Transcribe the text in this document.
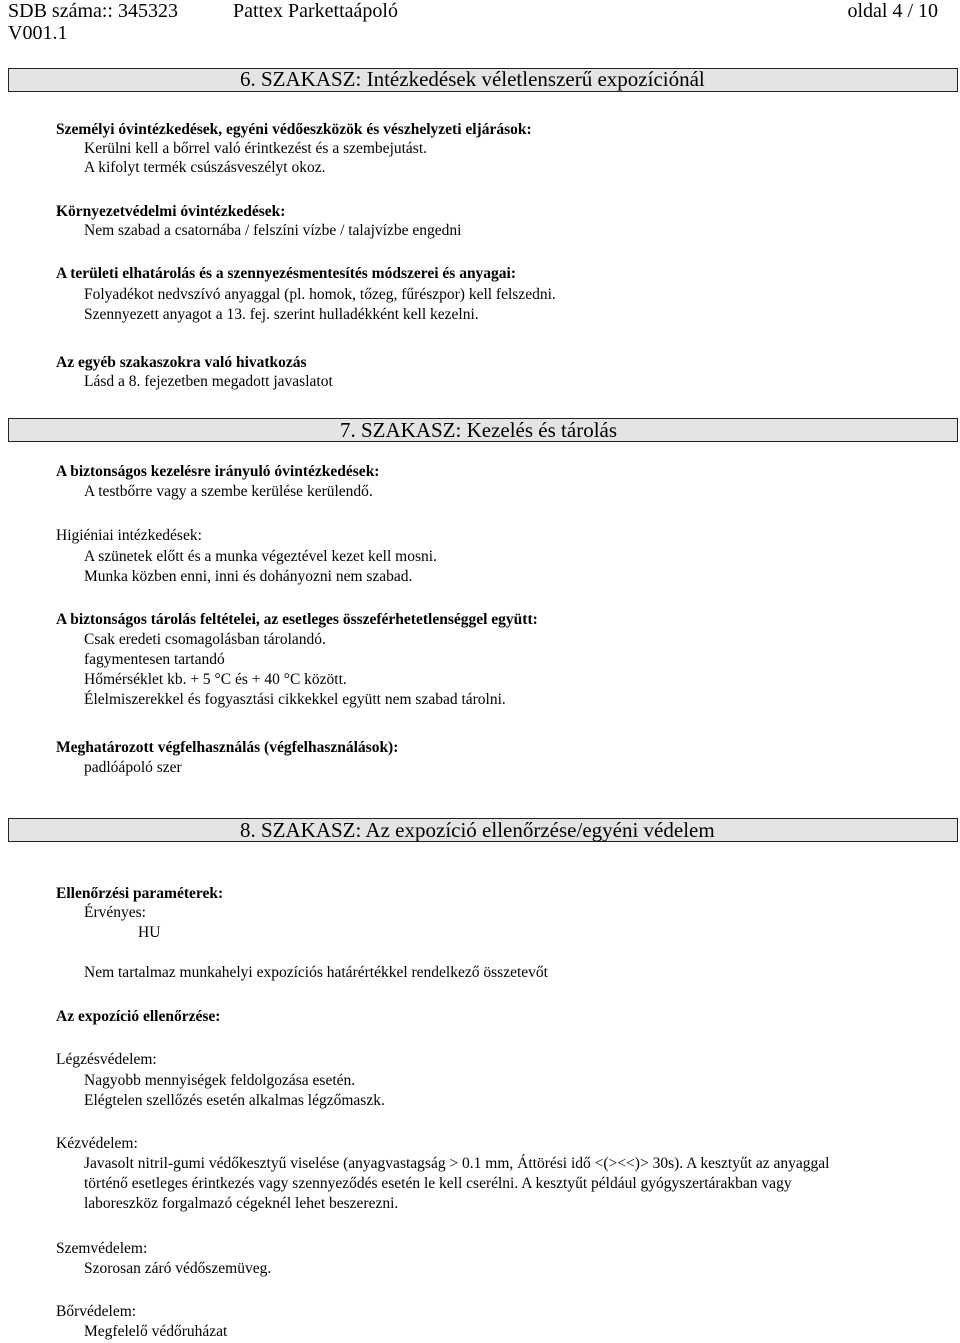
SDB száma:: 345323	Pattex Parkettaápoló	oldal 4 / 10
V001.1
6. SZAKASZ: Intézkedések véletlenszerű expozíciónál
Személyi óvintézkedések, egyéni védőeszközök és vészhelyzeti eljárások:
Kerülni kell a bőrrel való érintkezést és a szembejutást.
A kifolyt termék csúszásveszélyt okoz.
Környezetvédelmi óvintézkedések:
Nem szabad a csatornába / felszíni vízbe / talajvízbe engedni
A területi elhatárolás és a szennyezésmentesítés módszerei és anyagai:
Folyadékot nedvszívó anyaggal (pl. homok, tőzeg, fűrészpor) kell felszedni.
Szennyezett anyagot a 13. fej. szerint hulladékként kell kezelni.
Az egyéb szakaszokra való hivatkozás
Lásd a 8. fejezetben megadott javaslatot
7. SZAKASZ: Kezelés és tárolás
A biztonságos kezelésre irányuló óvintézkedések:
A testbőrre vagy a szembe kerülése kerülendő.
Higiéniai intézkedések:
A szünetek előtt és a munka végeztével kezet kell mosni.
Munka közben enni, inni és dohányozni nem szabad.
A biztonságos tárolás feltételei, az esetleges összeférhetetlenséggel együtt:
Csak eredeti csomagolásban tárolandó.
fagymentesen tartandó
Hőmérséklet kb. + 5 °C és + 40 °C között.
Élelmiszerekkel és fogyasztási cikkekkel együtt nem szabad tárolni.
Meghatározott végfelhasználás (végfelhasználások):
padlóápoló szer
8. SZAKASZ: Az expozíció ellenőrzése/egyéni védelem
Ellenőrzési paraméterek:
Érvényes:
HU
Nem tartalmaz munkahelyi expozíciós határértékkel rendelkező összetevőt
Az expozíció ellenőrzése:
Légzésvédelem:
Nagyobb mennyiségek feldolgozása esetén.
Elégtelen szellőzés esetén alkalmas légzőmaszk.
Kézvédelem:
Javasolt nitril-gumi védőkesztyű viselése (anyagvastagság > 0.1 mm, Áttörési idő <(><<)> 30s). A kesztyűt az anyaggal
történő esetleges érintkezés vagy szennyeződés esetén le kell cserélni. A kesztyűt például gyógyszertárakban vagy
laboreszköz forgalmazó cégeknél lehet beszerezni.
Szemvédelem:
Szorosan záró védőszemüveg.
Bőrvédelem:
Megfelelő védőruházat
